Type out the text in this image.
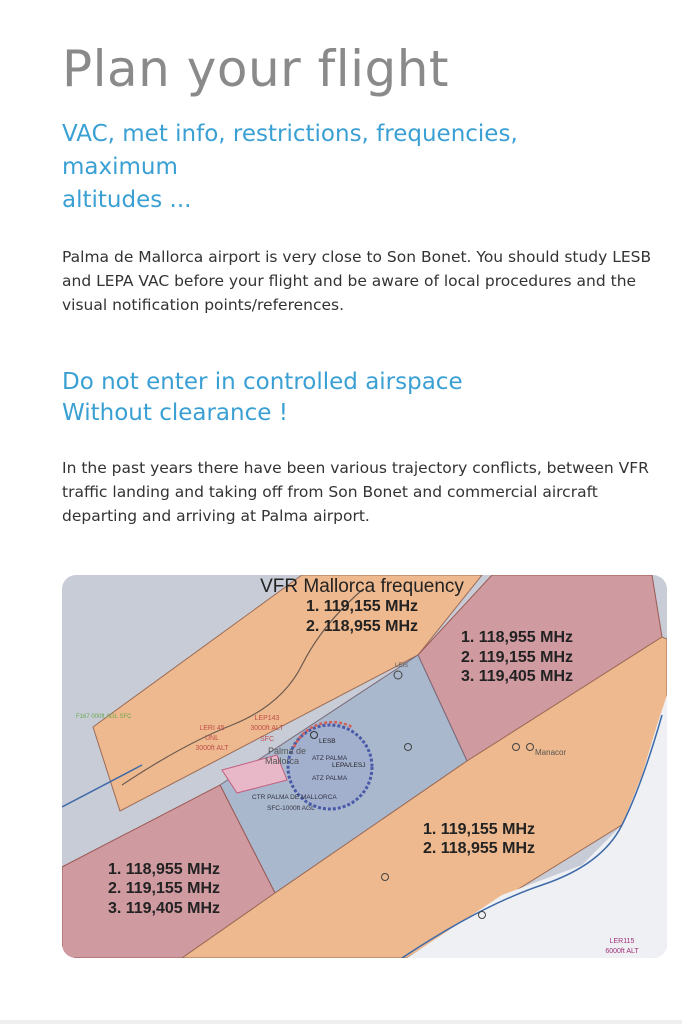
Plan your flight
VAC, met info, restrictions, frequencies,
maximum
altitudes ...

Palma de Mallorca airport is very close to Son Bonet. You should study LESB and LEPA VAC before your flight and be aware of local procedures and the visual notification points/references.

Do not enter in controlled airspace
Without clearance !

In the past years there have been various trajectory conflicts, between VFR traffic landing and taking off from Son Bonet and commercial aircraft departing and arriving at Palma airport.

VFR Mallorca frequency
1. 119,155 MHz
2. 118,955 MHz
1. 118,955 MHz
2. 119,155 MHz
3. 119,405 MHz
1. 119,155 MHz
2. 118,955 MHz
1. 118,955 MHz
2. 119,155 MHz
3. 119,405 MHz
LERI 45
UNL
3000ft ALT
LEP143
3000ft ALT
SFC
Palma de
Mallorca
LESB
ATZ PALMA
LEPA/LESJ
ATZ PALMA
CTR PALMA DE MALLORCA
SFC-1000ft AGL
LEIS
Manacor
F167 000ft AGL SFC
LER115
6000ft ALT
